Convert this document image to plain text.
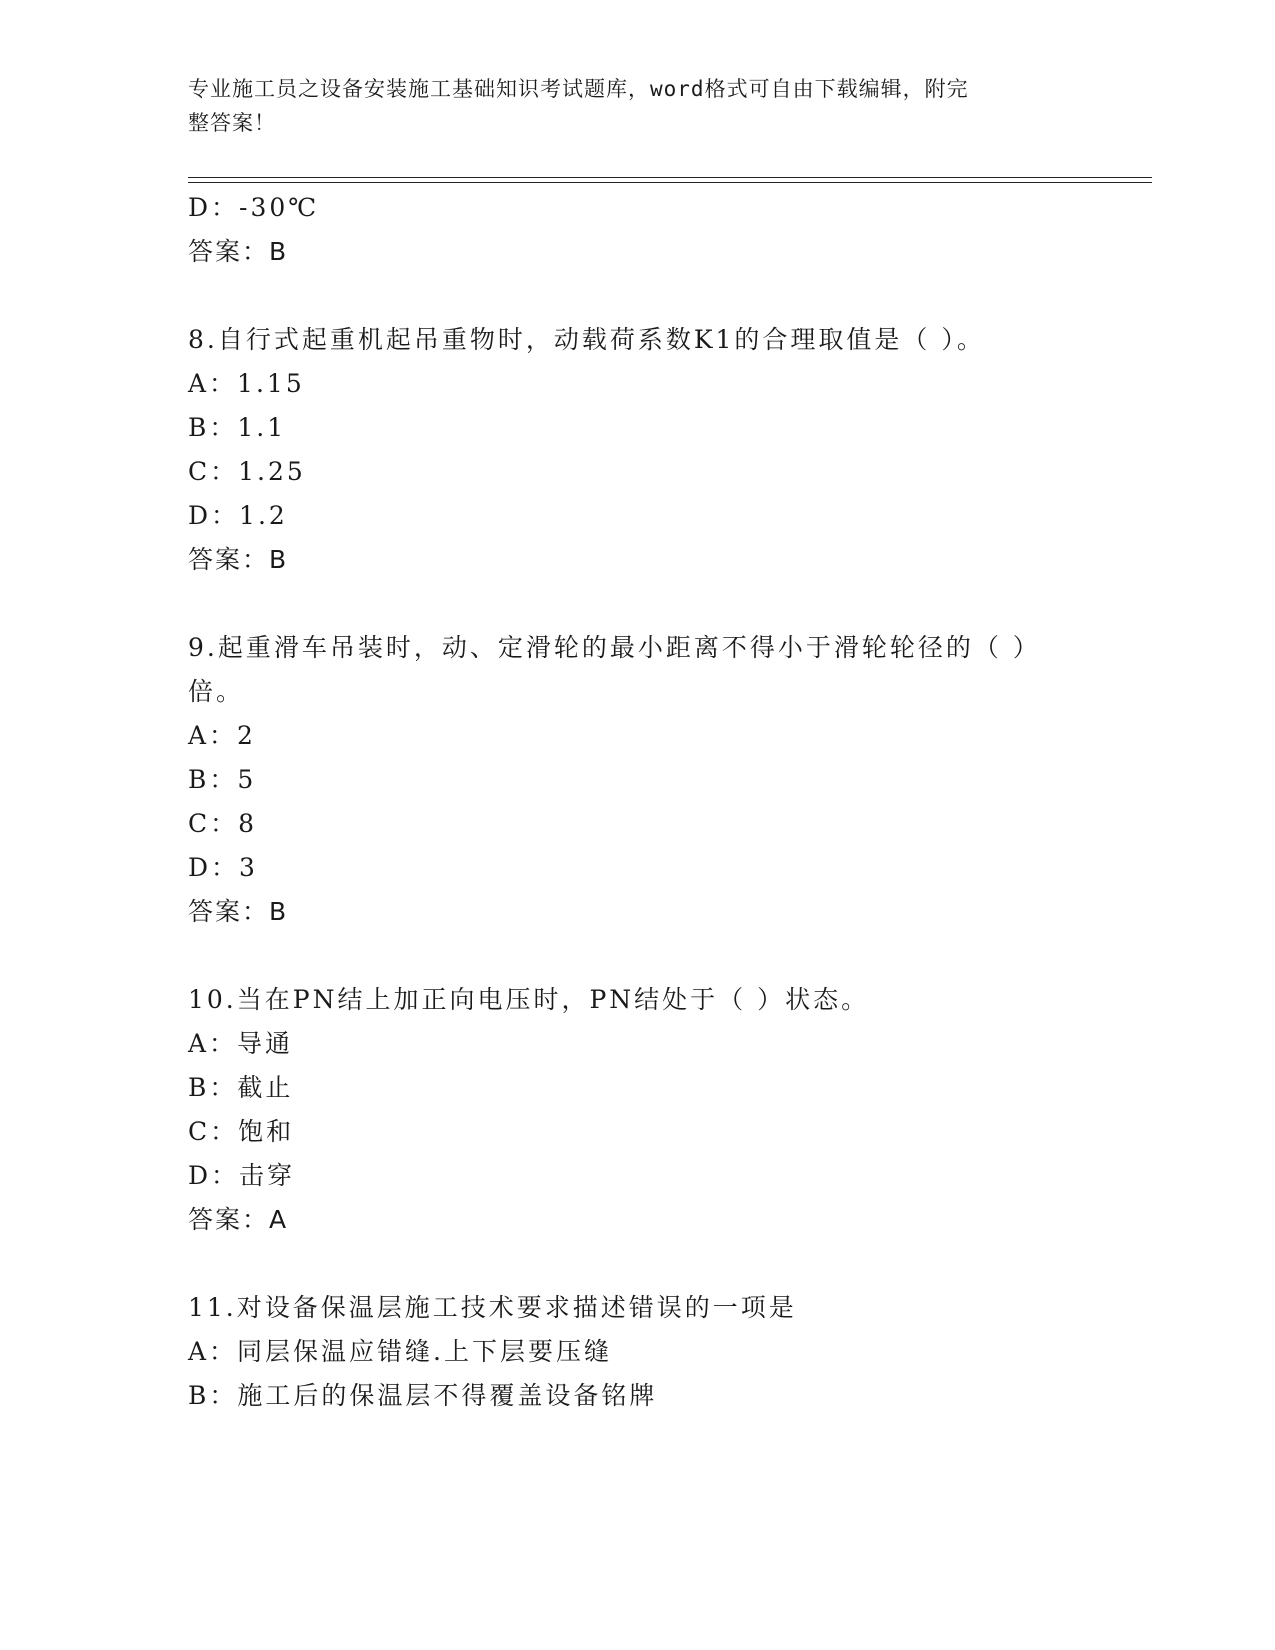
专业施工员之设备安装施工基础知识考试题库，word格式可自由下载编辑，附完
整答案！
D：-30℃
答案：B
8.自行式起重机起吊重物时，动载荷系数K1的合理取值是（ ）。
A：1.15
B：1.1
C：1.25
D：1.2
答案：B
9.起重滑车吊装时，动、定滑轮的最小距离不得小于滑轮轮径的（ ）
倍。
A：2
B：5
C：8
D：3
答案：B
10.当在PN结上加正向电压时，PN结处于（ ）状态。
A：导通
B：截止
C：饱和
D：击穿
答案：A
11.对设备保温层施工技术要求描述错误的一项是
A：同层保温应错缝.上下层要压缝
B：施工后的保温层不得覆盖设备铭牌
